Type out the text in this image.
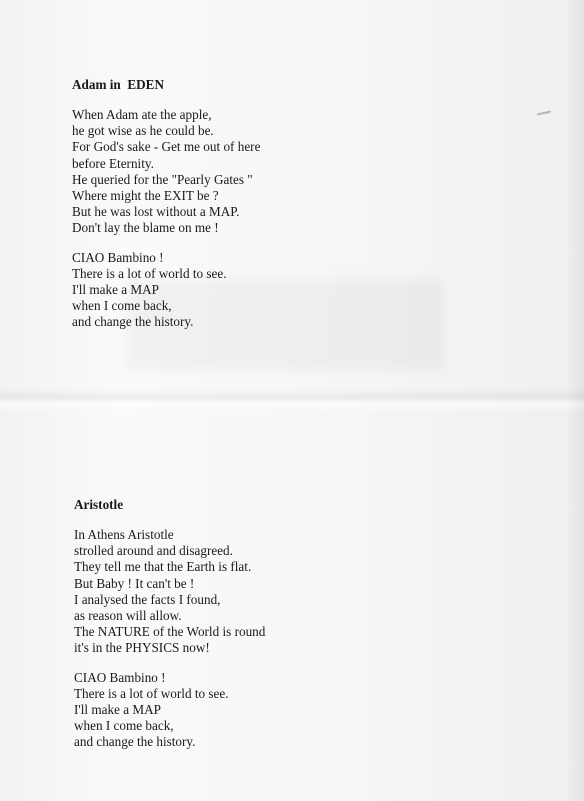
Adam in  EDEN
When Adam ate the apple,
he got wise as he could be.
For God's sake - Get me out of here
before Eternity.
He queried for the "Pearly Gates "
Where might the EXIT be ?
But he was lost without a MAP.
Don't lay the blame on me !
CIAO Bambino !
There is a lot of world to see.
I'll make a MAP
when I come back,
and change the history.
Aristotle
In Athens Aristotle
strolled around and disagreed.
They tell me that the Earth is flat.
But Baby ! It can't be !
I analysed the facts I found,
as reason will allow.
The NATURE of the World is round
it's in the PHYSICS now!
CIAO Bambino !
There is a lot of world to see.
I'll make a MAP
when I come back,
and change the history.
